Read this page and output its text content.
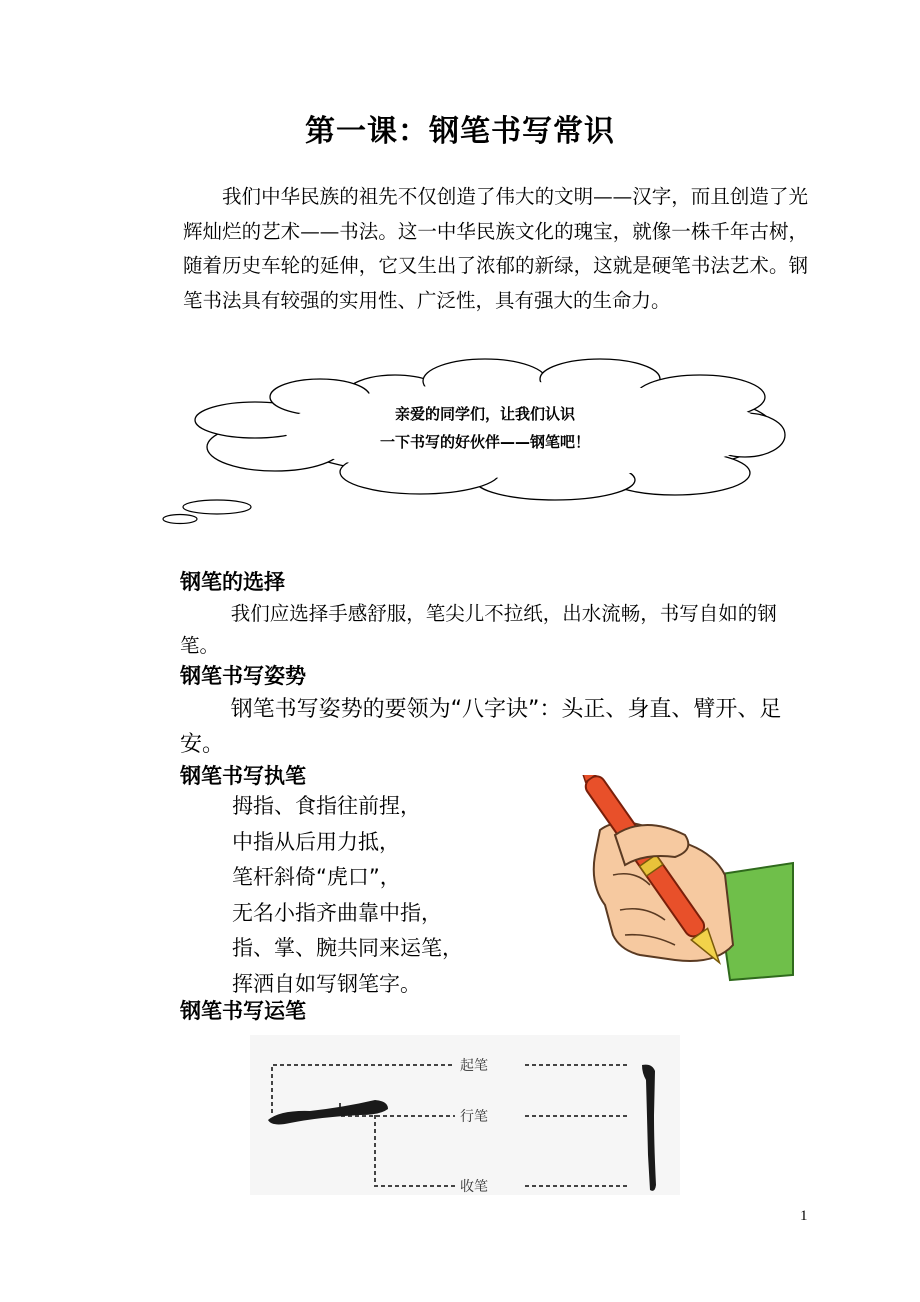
第一课：钢笔书写常识
我们中华民族的祖先不仅创造了伟大的文明——汉字，而且创造了光辉灿烂的艺术——书法。这一中华民族文化的瑰宝，就像一株千年古树，随着历史车轮的延伸，它又生出了浓郁的新绿，这就是硬笔书法艺术。钢笔书法具有较强的实用性、广泛性，具有强大的生命力。
亲爱的同学们，让我们认识
一下书写的好伙伴——钢笔吧！
钢笔的选择
我们应选择手感舒服，笔尖儿不拉纸，出水流畅，书写自如的钢笔。
钢笔书写姿势
钢笔书写姿势的要领为“八字诀”：头正、身直、臂开、足安。
钢笔书写执笔
拇指、食指往前捏，
中指从后用力抵，
笔杆斜倚“虎口”，
无名小指齐曲靠中指，
指、掌、腕共同来运笔，
挥洒自如写钢笔字。
钢笔书写运笔
起笔
行笔
收笔
1
